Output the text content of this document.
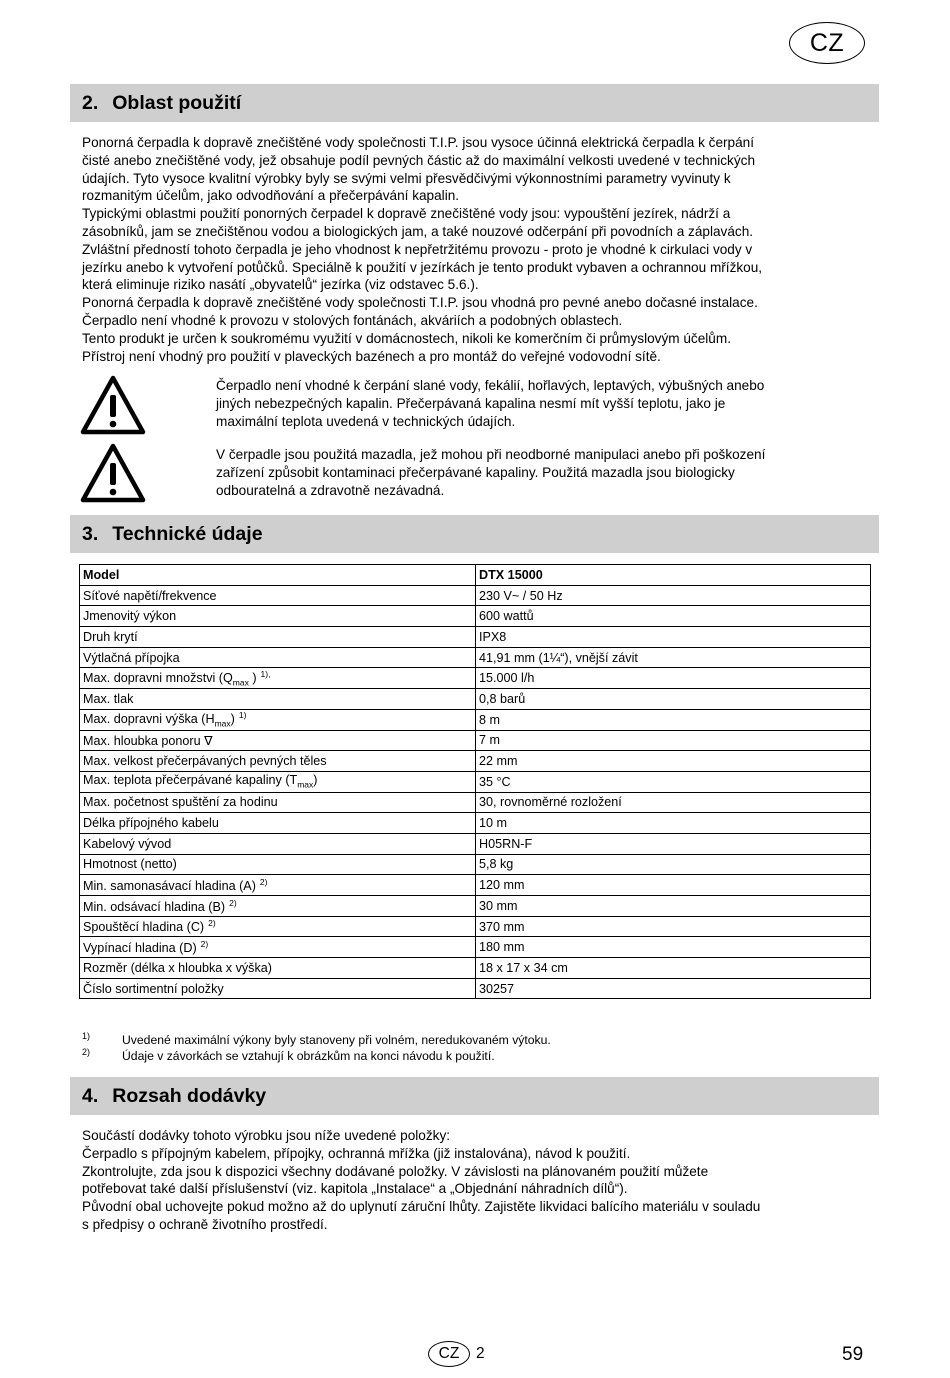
CZ
2. Oblast použití

Ponorná čerpadla k dopravě znečištěné vody společnosti T.I.P. jsou vysoce účinná elektrická čerpadla k čerpání

čisté anebo znečištěné vody, jež obsahuje podíl pevných částic až do maximální velkosti uvedené v technických

údajích. Tyto vysoce kvalitní výrobky byly se svými velmi přesvědčivými výkonnostními parametry vyvinuty k

rozmanitým účelům, jako odvodňování a přečerpávání kapalin.

Typickými oblastmi použití ponorných čerpadel k dopravě znečištěné vody jsou: vypouštění jezírek, nádrží a

zásobníků, jam se znečištěnou vodou a biologických jam, a také nouzové odčerpání při povodních a záplavách.

Zvláštní předností tohoto čerpadla je jeho vhodnost k nepřetržitému provozu - proto je vhodné k cirkulaci vody v

jezírku anebo k vytvoření potůčků. Speciálně k použití v jezírkách je tento produkt vybaven a ochrannou mřížkou,

která eliminuje riziko nasátí „obyvatelů“ jezírka (viz odstavec 5.6.).

Ponorná čerpadla k dopravě znečištěné vody společnosti T.I.P. jsou vhodná pro pevné anebo dočasné instalace.

Čerpadlo není vhodné k provozu v stolových fontánách, akváriích a podobných oblastech.

Tento produkt je určen k soukromému využití v domácnostech, nikoli ke komerčním či průmyslovým účelům.

Přístroj není vhodný pro použití v plaveckých bazénech a pro montáž do veřejné vodovodní sítě.

Čerpadlo není vhodné k čerpání slané vody, fekálií, hořlavých, leptavých, výbušných anebo

jiných nebezpečných kapalin. Přečerpávaná kapalina nesmí mít vyšší teplotu, jako je

maximální teplota uvedená v technických údajích.

V čerpadle jsou použitá mazadla, jež mohou při neodborné manipulaci anebo při poškození

zařízení způsobit kontaminaci přečerpávané kapaliny. Použitá mazadla jsou biologicky

odbouratelná a zdravotně nezávadná.

3. Technické údaje
Model	DTX 15000
Síťové napětí/frekvence	230 V~ / 50 Hz
Jmenovitý výkon	600 wattů
Druh krytí	IPX8
Výtlačná přípojka	41,91 mm (1¼“), vnější závit
Max. dopravni množstvi ($Q_{max}$ ) $^{1),}$	15.000 l/h
Max. tlak	0,8 barů
Max. dopravni výška $(H_{max})$ $^{1)}$	8 m
Max. hloubka ponoru ∇	7 m
Max. velkost přečerpávaných pevných těles	22 mm
Max. teplota přečerpávané kapaliny $(T_{max})$	35 °C
Max. početnost spuštění za hodinu	30, rovnoměrné rozložení
Délka přípojného kabelu	10 m
Kabelový vývod	H05RN-F
Hmotnost (netto)	5,8 kg
Min. samonasávací hladina (A) $^{2)}$	120 mm
Min. odsávací hladina (B) $^{2)}$	30 mm
Spouštěcí hladina (C) $^{2)}$	370 mm
Vypínací hladina (D) $^{2)}$	180 mm
Rozměr (délka x hloubka x výška)	18 x 17 x 34 cm
Číslo sortimentní položky	30257
1)	Uvedené maximální výkony byly stanoveny při volném, neredukovaném výtoku.
2)	Údaje v závorkách se vztahují k obrázkům na konci návodu k použití.
4. Rozsah dodávky

Součástí dodávky tohoto výrobku jsou níže uvedené položky:

Čerpadlo s přípojným kabelem, přípojky, ochranná mřížka (již instalována), návod k použití.

Zkontrolujte, zda jsou k dispozici všechny dodávané položky. V závislosti na plánovaném použití můžete

potřebovat také další příslušenství (viz. kapitola „Instalace“ a „Objednání náhradních dílů“).

Původní obal uchovejte pokud možno až do uplynutí záruční lhůty. Zajistěte likvidaci balícího materiálu v souladu

s předpisy o ochraně životního prostředí.

CZ	2	59
